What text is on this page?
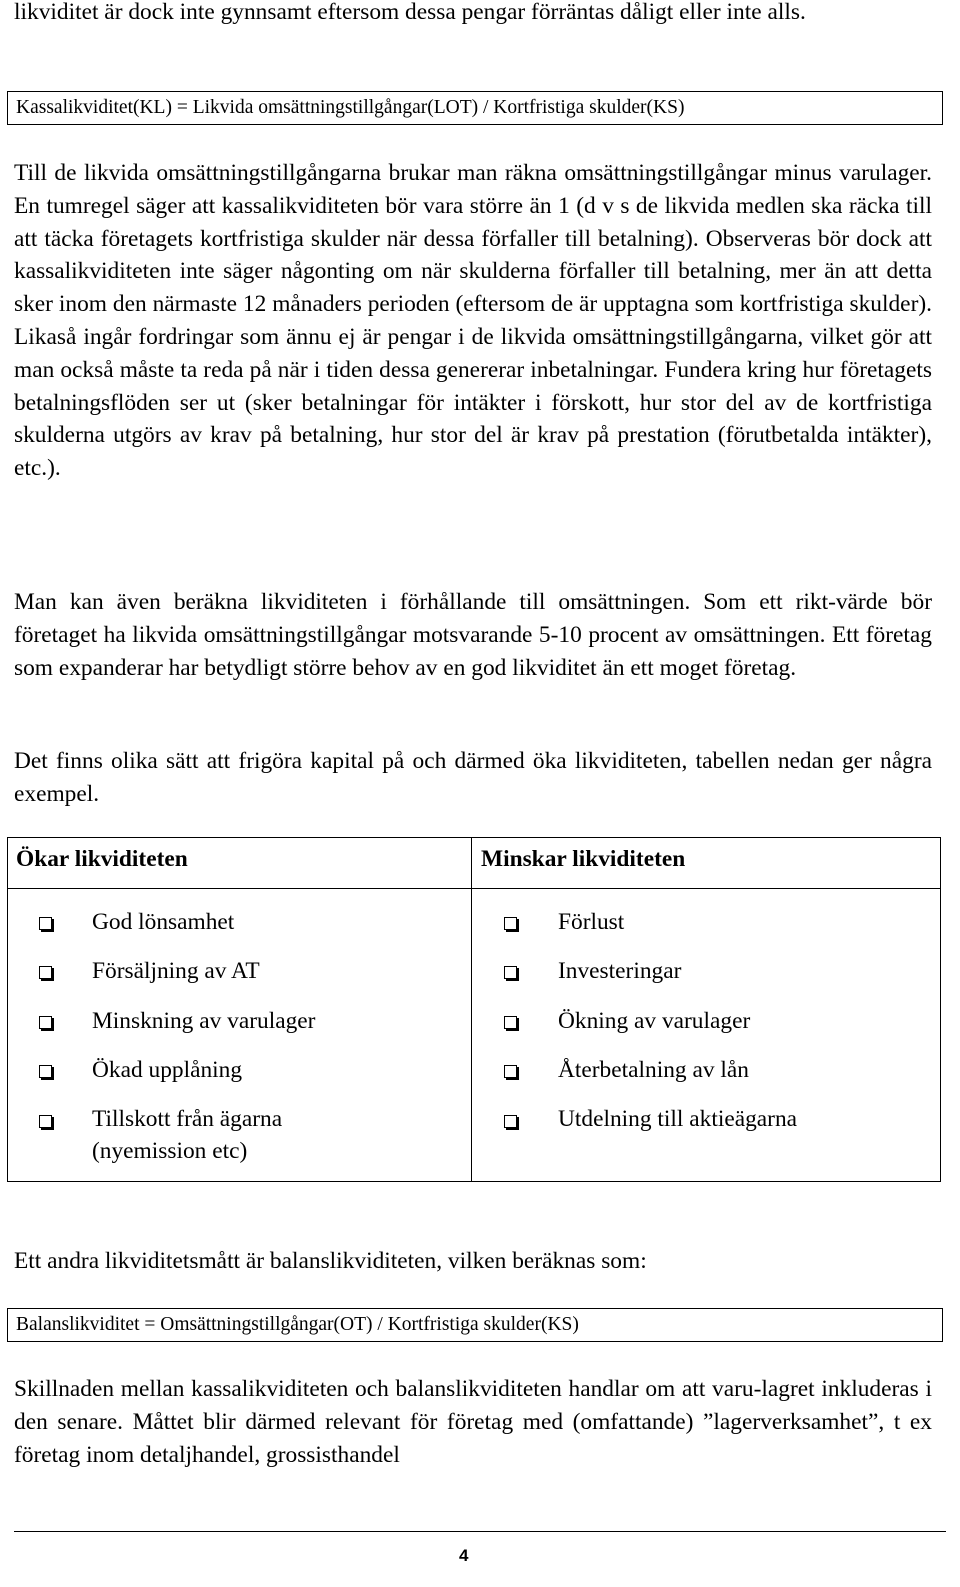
likviditet är dock inte gynnsamt eftersom dessa pengar förräntas dåligt eller inte alls.

Kassalikviditet(KL) = Likvida omsättningstillgångar(LOT) / Kortfristiga skulder(KS)

Till de likvida omsättningstillgångarna brukar man räkna omsättningstillgångar minus varulager. En tumregel säger att kassalikviditeten bör vara större än 1 (d v s de likvida medlen ska räcka till att täcka företagets kortfristiga skulder när dessa förfaller till betalning). Observeras bör dock att kassalikviditeten inte säger någonting om när skulderna förfaller till betalning, mer än att detta sker inom den närmaste 12 månaders perioden (eftersom de är upptagna som kortfristiga skulder). Likaså ingår fordringar som ännu ej är pengar i de likvida omsättningstillgångarna, vilket gör att man också måste ta reda på när i tiden dessa genererar inbetalningar. Fundera kring hur företagets betalningsflöden ser ut (sker betalningar för intäkter i förskott, hur stor del av de kortfristiga skulderna utgörs av krav på betalning, hur stor del är krav på prestation (förutbetalda intäkter), etc.).

Man kan även beräkna likviditeten i förhållande till omsättningen. Som ett rikt-värde bör företaget ha likvida omsättningstillgångar motsvarande 5-10 procent av omsättningen. Ett företag som expanderar har betydligt större behov av en god likviditet än ett moget företag.

Det finns olika sätt att frigöra kapital på och därmed öka likviditeten, tabellen nedan ger några exempel.

Ökar likviditeten	Minskar likviditeten
God lönsamhet
Försäljning av AT
Minskning av varulager
Ökad upplåning
Tillskott från ägarna (nyemission etc)
Förlust
Investeringar
Ökning av varulager
Återbetalning av lån
Utdelning till aktieägarna

Ett andra likviditetsmått är balanslikviditeten, vilken beräknas som:

Balanslikviditet = Omsättningstillgångar(OT) / Kortfristiga skulder(KS)

Skillnaden mellan kassalikviditeten och balanslikviditeten handlar om att varu-lagret inkluderas i den senare. Måttet blir därmed relevant för företag med (omfattande) ”lagerverksamhet”, t ex företag inom detaljhandel, grossisthandel

4
